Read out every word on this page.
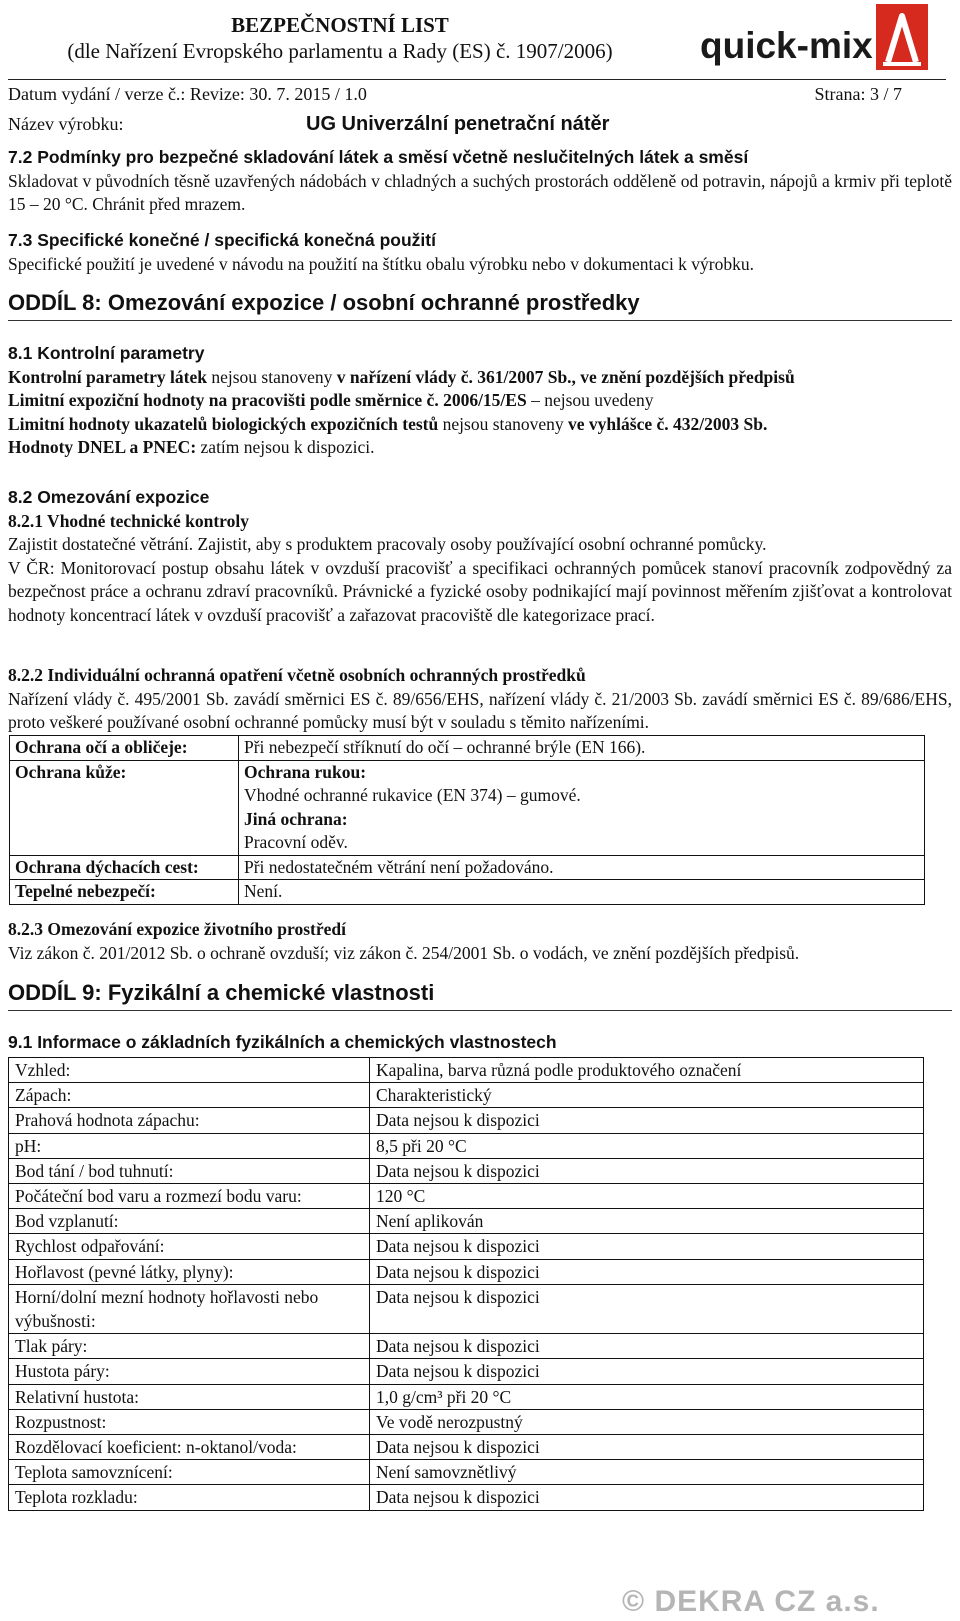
BEZPEČNOSTNÍ LIST
(dle Nařízení Evropského parlamentu a Rady (ES) č. 1907/2006)	quick-mix
Datum vydání / verze č.: Revize: 30. 7. 2015 / 1.0	Strana: 3 / 7
Název výrobku:	UG Univerzální penetrační nátěr
7.2 Podmínky pro bezpečné skladování látek a směsí včetně neslučitelných látek a směsí
Skladovat v původních těsně uzavřených nádobách v chladných a suchých prostorách odděleně od potravin, nápojů a krmiv při teplotě 15 – 20 °C. Chránit před mrazem.
7.3 Specifické konečné / specifická konečná použití
Specifické použití je uvedené v návodu na použití na štítku obalu výrobku nebo v dokumentaci k výrobku.
ODDÍL 8: Omezování expozice / osobní ochranné prostředky
8.1 Kontrolní parametry
Kontrolní parametry látek nejsou stanoveny v nařízení vlády č. 361/2007 Sb., ve znění pozdějších předpisů
Limitní expoziční hodnoty na pracovišti podle směrnice č. 2006/15/ES – nejsou uvedeny
Limitní hodnoty ukazatelů biologických expozičních testů nejsou stanoveny ve vyhlášce č. 432/2003 Sb.
Hodnoty DNEL a PNEC: zatím nejsou k dispozici.
8.2 Omezování expozice
8.2.1 Vhodné technické kontroly
Zajistit dostatečné větrání. Zajistit, aby s produktem pracovaly osoby používající osobní ochranné pomůcky.
V ČR: Monitorovací postup obsahu látek v ovzduší pracovišť a specifikaci ochranných pomůcek stanoví pracovník zodpovědný za bezpečnost práce a ochranu zdraví pracovníků. Právnické a fyzické osoby podnikající mají povinnost měřením zjišťovat a kontrolovat hodnoty koncentrací látek v ovzduší pracovišť a zařazovat pracoviště dle kategorizace prací.
8.2.2 Individuální ochranná opatření včetně osobních ochranných prostředků
Nařízení vlády č. 495/2001 Sb. zavádí směrnici ES č. 89/656/EHS, nařízení vlády č. 21/2003 Sb. zavádí směrnici ES č. 89/686/EHS, proto veškeré používané osobní ochranné pomůcky musí být v souladu s těmito nařízeními.
Ochrana očí a obličeje:	Při nebezpečí stříknutí do očí – ochranné brýle (EN 166).
Ochrana kůže:	Ochrana rukou:
Vhodné ochranné rukavice (EN 374) – gumové.
Jiná ochrana:
Pracovní oděv.

Ochrana dýchacích cest:	Při nedostatečném větrání není požadováno.
Tepelné nebezpečí:	Není.
8.2.3 Omezování expozice životního prostředí
Viz zákon č. 201/2012 Sb. o ochraně ovzduší; viz zákon č. 254/2001 Sb. o vodách, ve znění pozdějších předpisů.
ODDÍL 9: Fyzikální a chemické vlastnosti
9.1 Informace o základních fyzikálních a chemických vlastnostech
Vzhled:	Kapalina, barva různá podle produktového označení
Zápach:	Charakteristický
Prahová hodnota zápachu:	Data nejsou k dispozici
pH:	8,5 při 20 °C
Bod tání / bod tuhnutí:	Data nejsou k dispozici
Počáteční bod varu a rozmezí bodu varu:	120 °C
Bod vzplanutí:	Není aplikován
Rychlost odpařování:	Data nejsou k dispozici
Hořlavost (pevné látky, plyny):	Data nejsou k dispozici
Horní/dolní mezní hodnoty hořlavosti nebo výbušnosti:	Data nejsou k dispozici
Tlak páry:	Data nejsou k dispozici
Hustota páry:	Data nejsou k dispozici
Relativní hustota:	1,0 g/cm³ při 20 °C
Rozpustnost:	Ve vodě nerozpustný
Rozdělovací koeficient: n-oktanol/voda:	Data nejsou k dispozici
Teplota samovznícení:	Není samovznětlivý
Teplota rozkladu:	Data nejsou k dispozici
© DEKRA CZ a.s.
